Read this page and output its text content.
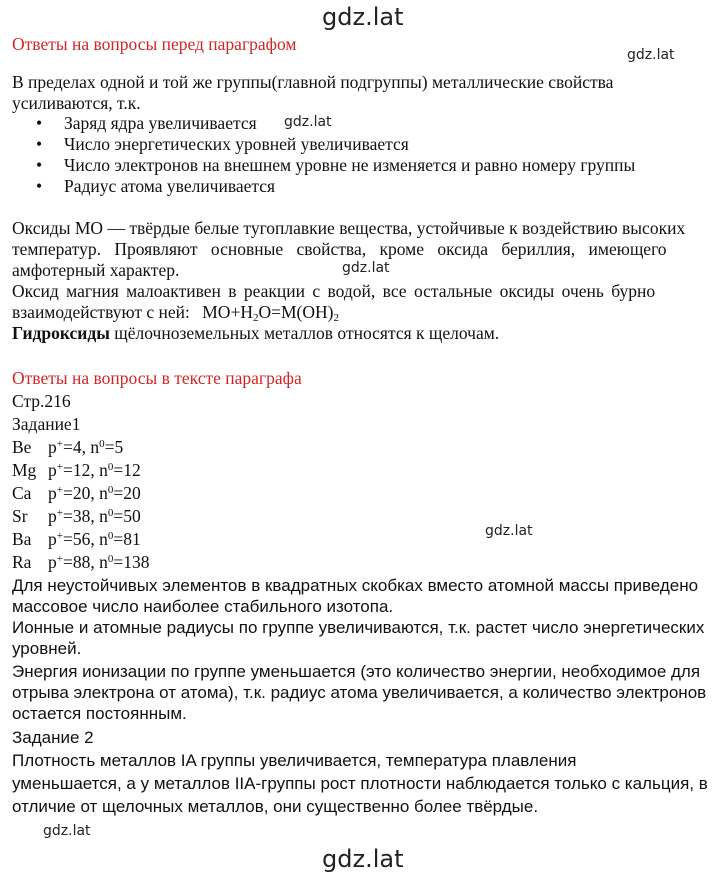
gdz.lat
gdz.lat
gdz.lat
gdz.lat
gdz.lat
gdz.lat
gdz.lat
Ответы на вопросы перед параграфом
В пределах одной и той же группы(главной подгруппы) металлические свойства
усиливаются, т.к.
• Заряд ядра увеличивается
• Число энергетических уровней увеличивается
• Число электронов на внешнем уровне не изменяется и равно номеру группы
• Радиус атома увеличивается
Оксиды MO — твёрдые белые тугоплавкие вещества, устойчивые к воздействию высоких
температур. Проявляют основные свойства, кроме оксида бериллия, имеющего
амфотерный характер.
Оксид магния малоактивен в реакции с водой, все остальные оксиды очень бурно
взаимодействуют с ней: $MO+H_2O=M(OH)_2$
Гидроксиды щёлочноземельных металлов относятся к щелочам.
Ответы на вопросы в тексте параграфа
Стр.216
Задание1
Be p+=4, $n^0=5$
Mg p+=12, $n^0=12$
Ca p+=20, $n^0=20$
Sr p+=38, $n^0=50$
Ba p+=56, $n^0=81$
Ra p+=88, $n^0=138$
Для неустойчивых элементов в квадратных скобках вместо атомной массы приведено
массовое число наиболее стабильного изотопа.
Ионные и атомные радиусы по группе увеличиваются, т.к. растет число энергетических
уровней.
Энергия ионизации по группе уменьшается (это количество энергии, необходимое для
отрыва электрона от атома), т.к. радиус атома увеличивается, а количество электронов
остается постоянным.
Задание 2
Плотность металлов IA группы увеличивается, температура плавления
уменьшается, а у металлов IIA-группы рост плотности наблюдается только с кальция, в
отличие от щелочных металлов, они существенно более твёрдые.
